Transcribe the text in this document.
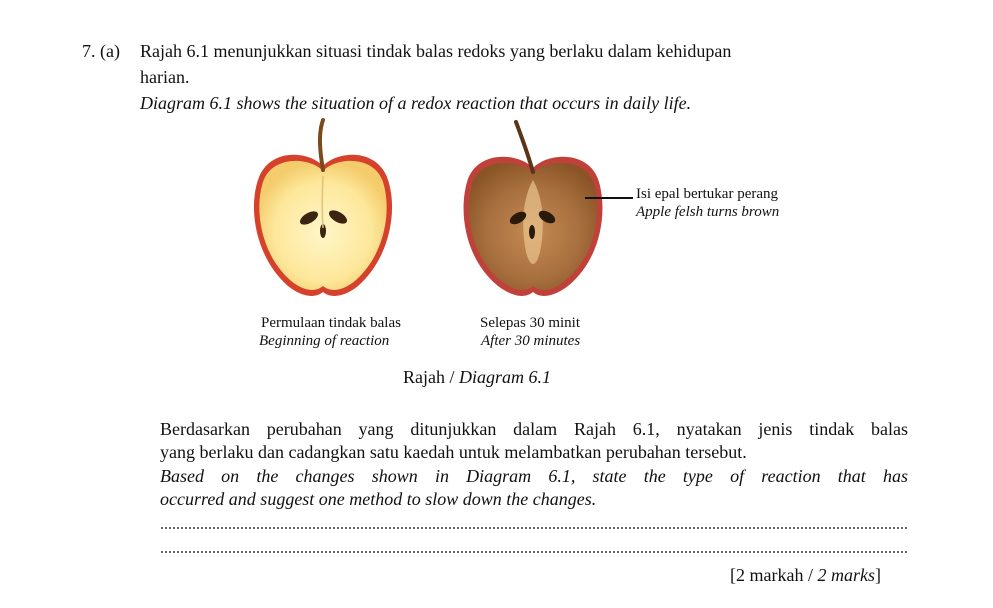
7. (a) Rajah 6.1 menunjukkan situasi tindak balas redoks yang berlaku dalam kehidupan
harian.
Diagram 6.1 shows the situation of a redox reaction that occurs in daily life.
Isi epal bertukar perang
Apple felsh turns brown
Permulaan tindak balas
Beginning of reaction
Selepas 30 minit
After 30 minutes
Rajah / Diagram 6.1
Berdasarkan perubahan yang ditunjukkan dalam Rajah 6.1, nyatakan jenis tindak balas
yang berlaku dan cadangkan satu kaedah untuk melambatkan perubahan tersebut.
Based on the changes shown in Diagram 6.1, state the type of reaction that has
occurred and suggest one method to slow down the changes.
[2 markah / 2 marks]
